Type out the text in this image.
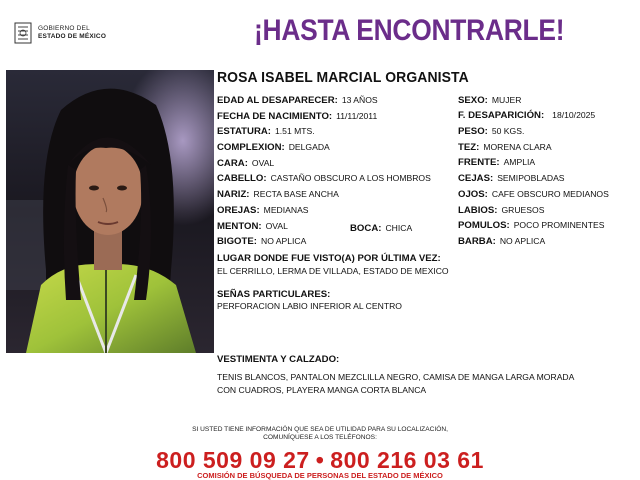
GOBIERNO DEL
ESTADO DE MÉXICO	¡HASTA ENCONTRARLE!
ROSA ISABEL MARCIAL ORGANISTA
EDAD AL DESAPARECER: 13 AÑOS
FECHA DE NACIMIENTO: 11/11/2011
ESTATURA: 1.51 MTS.
COMPLEXION: DELGADA
CARA: OVAL
CABELLO: CASTAÑO OBSCURO A LOS HOMBROS
NARIZ: RECTA BASE ANCHA
OREJAS: MEDIANAS
MENTON: OVAL	BOCA: CHICA
BIGOTE: NO APLICA
SEXO: MUJER
F. DESAPARICIÓN: 18/10/2025
PESO: 50 KGS.
TEZ: MORENA CLARA
FRENTE: AMPLIA
CEJAS: SEMIPOBLADAS
OJOS: CAFE OBSCURO MEDIANOS
LABIOS: GRUESOS
POMULOS: POCO PROMINENTES
BARBA: NO APLICA
LUGAR DONDE FUE VISTO(A) POR ÚLTIMA VEZ:
EL CERRILLO, LERMA DE VILLADA, ESTADO DE MEXICO
SEÑAS PARTICULARES:
PERFORACION LABIO INFERIOR AL CENTRO
VESTIMENTA Y CALZADO:
TENIS BLANCOS, PANTALON MEZCLILLA NEGRO, CAMISA DE MANGA LARGA MORADA
CON CUADROS, PLAYERA MANGA CORTA BLANCA
SI USTED TIENE INFORMACIÓN QUE SEA DE UTILIDAD PARA SU LOCALIZACIÓN,
COMUNÍQUESE A LOS TELÉFONOS:
800 509 09 27 • 800 216 03 61
COMISIÓN DE BÚSQUEDA DE PERSONAS DEL ESTADO DE MÉXICO
